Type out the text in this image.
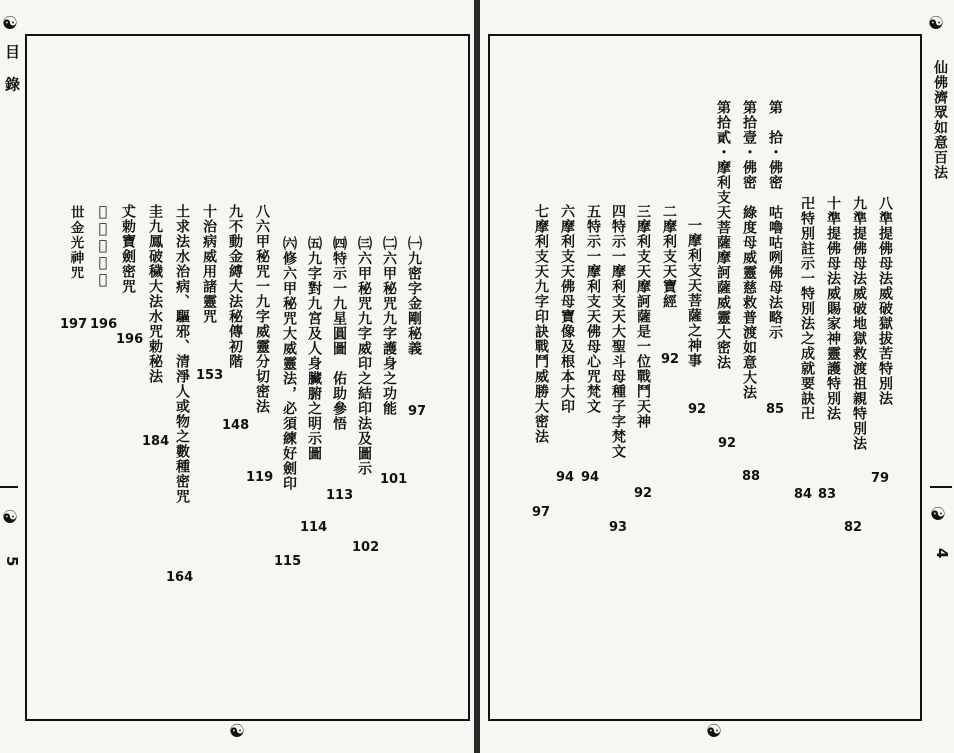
☯
☯
☯
目 錄
5
㈠九密字金剛秘義
97
㈡六甲秘咒九字護身之功能
101
㈢六甲秘咒九字威印之結印法及圖示
102
㈣特示一九星圓圖　佑助參悟
113
㈤九字對九宮及人身臟腑之明示圖
114
㈥修六甲秘咒大威靈法，必須練好劍印
115
八六甲秘咒一九字威靈分切密法
119
九不動金縛大法秘傳初階
148
十治病威用諸靈咒
153
土求法水治病、驅邪、清淨人或物之數種密咒
164
圭九鳳破穢大法水咒勅秘法
184
𠀋勅寶劍密咒
196
𠀌用劍密咒
196
𠀍金光神咒
197
☯
☯
☯
仙佛濟眾如意百法
4
八準提佛母法威破獄拔苦特別法
79
九準提佛母法威破地獄救渡祖親特別法
82
十準提佛母法威賜家神靈護特別法
83
卍特別註示一特別法之成就要訣卍
84
第　拾・佛密　咕嚕咕咧佛母法略示
85
第拾壹・佛密　綠度母威靈慈救普渡如意大法
88
第拾貳・摩利支天菩薩摩訶薩威靈大密法
92
一摩利支天菩薩之神事
92
二摩利支天寶經
92
三摩利支天摩訶薩是一位戰鬥天神
92
四特示一摩利支天大聖斗母種子字梵文
93
五特示一摩利支天佛母心咒梵文
94
六摩利支天佛母寶像及根本大印
94
七摩利支天九字印訣戰鬥威勝大密法
97
